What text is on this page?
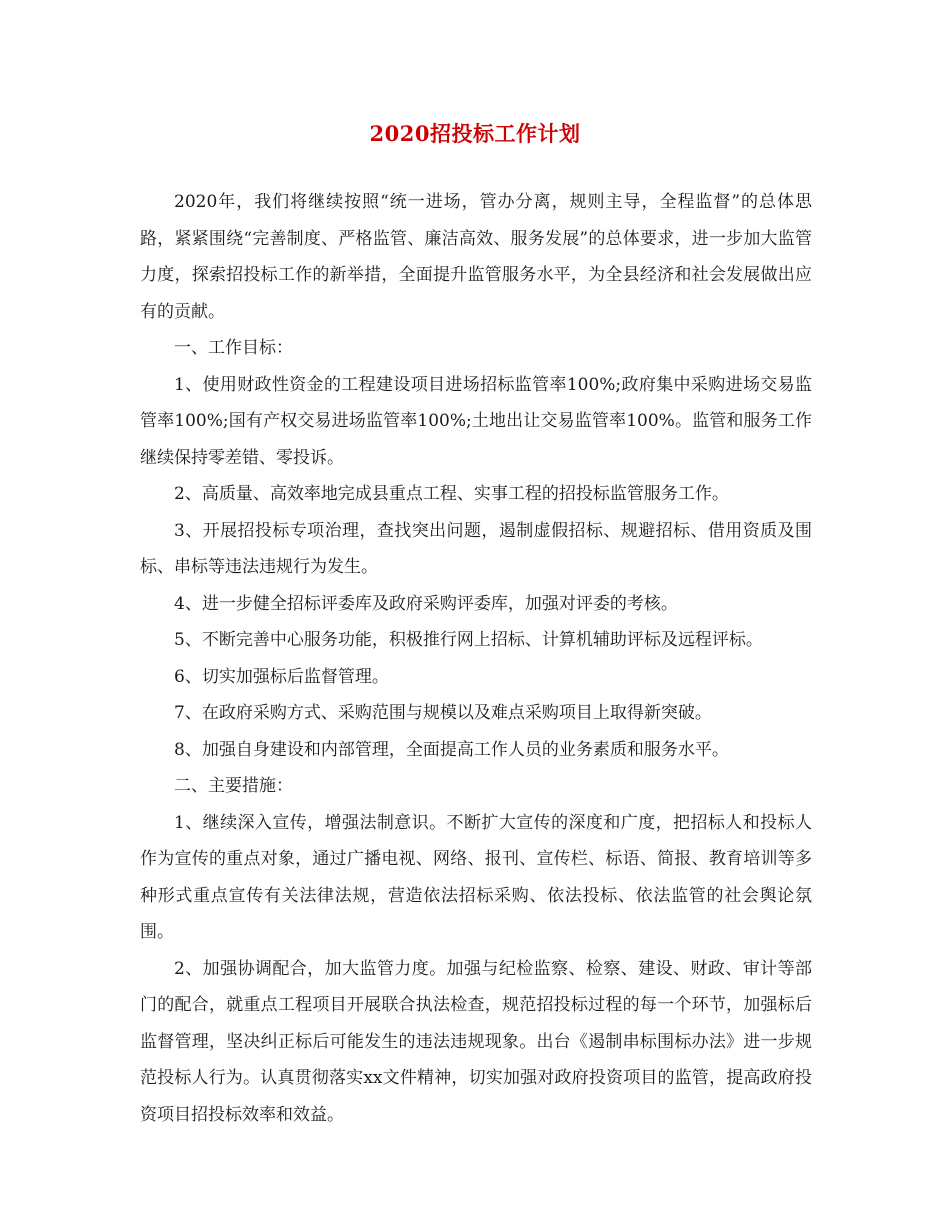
2020招投标工作计划

2020年，我们将继续按照“统一进场，管办分离，规则主导，全程监督”的总体思路，紧紧围绕“完善制度、严格监管、廉洁高效、服务发展”的总体要求，进一步加大监管力度，探索招投标工作的新举措，全面提升监管服务水平，为全县经济和社会发展做出应有的贡献。

一、工作目标：

1、使用财政性资金的工程建设项目进场招标监管率100%;政府集中采购进场交易监管率100%;国有产权交易进场监管率100%;土地出让交易监管率100%。监管和服务工作继续保持零差错、零投诉。

2、高质量、高效率地完成县重点工程、实事工程的招投标监管服务工作。

3、开展招投标专项治理，查找突出问题，遏制虚假招标、规避招标、借用资质及围标、串标等违法违规行为发生。

4、进一步健全招标评委库及政府采购评委库，加强对评委的考核。

5、不断完善中心服务功能，积极推行网上招标、计算机辅助评标及远程评标。

6、切实加强标后监督管理。

7、在政府采购方式、采购范围与规模以及难点采购项目上取得新突破。

8、加强自身建设和内部管理，全面提高工作人员的业务素质和服务水平。

二、主要措施：

1、继续深入宣传，增强法制意识。不断扩大宣传的深度和广度，把招标人和投标人作为宣传的重点对象，通过广播电视、网络、报刊、宣传栏、标语、简报、教育培训等多种形式重点宣传有关法律法规，营造依法招标采购、依法投标、依法监管的社会舆论氛围。

2、加强协调配合，加大监管力度。加强与纪检监察、检察、建设、财政、审计等部门的配合，就重点工程项目开展联合执法检查，规范招投标过程的每一个环节，加强标后监督管理，坚决纠正标后可能发生的违法违规现象。出台《遏制串标围标办法》进一步规范投标人行为。认真贯彻落实xx文件精神，切实加强对政府投资项目的监管，提高政府投资项目招投标效率和效益。
